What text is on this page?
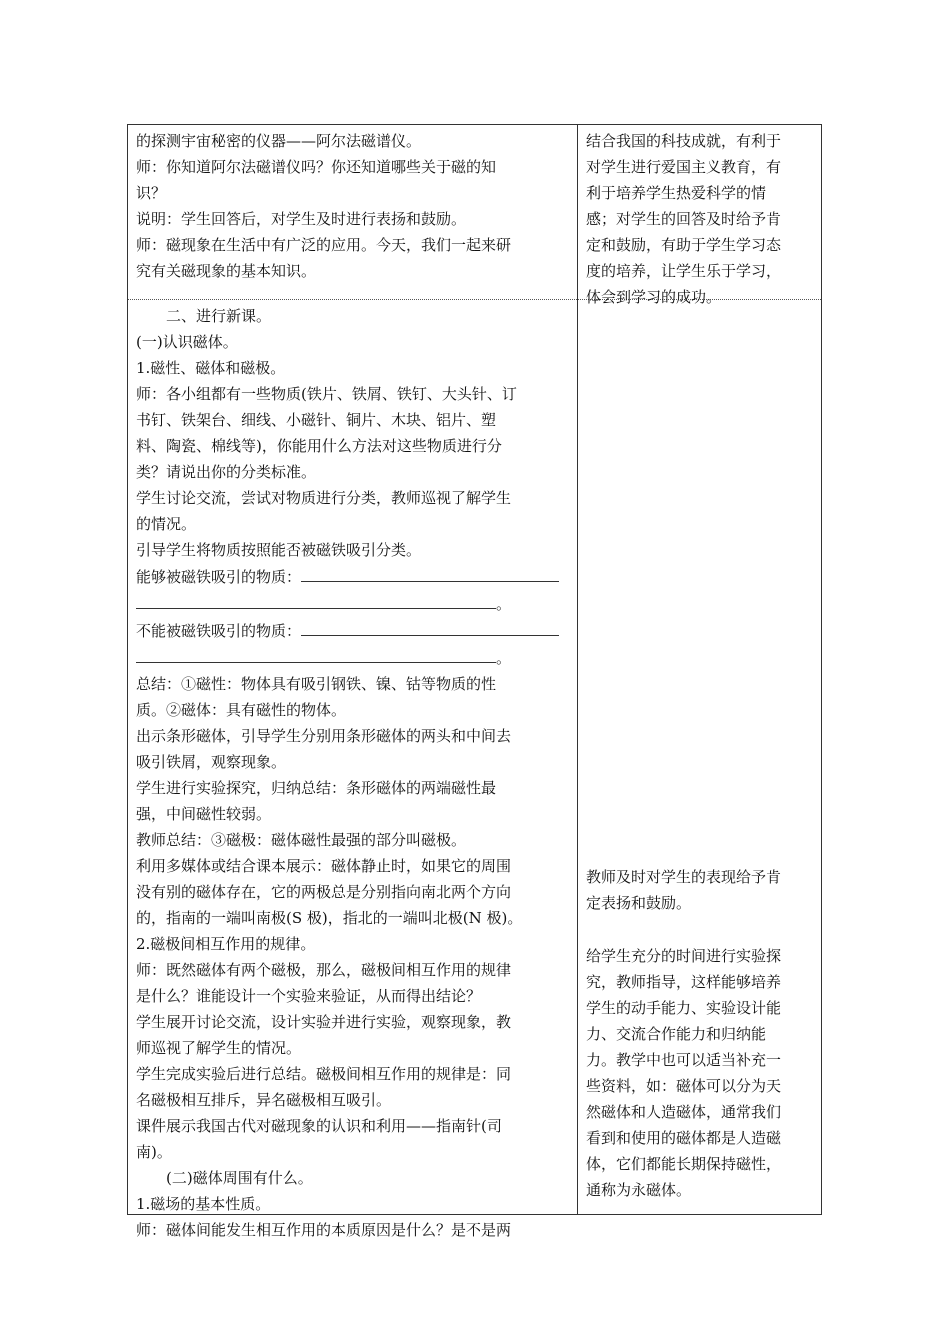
的探测宇宙秘密的仪器——阿尔法磁谱仪。

师：你知道阿尔法磁谱仪吗？你还知道哪些关于磁的知

识？

说明：学生回答后，对学生及时进行表扬和鼓励。

师：磁现象在生活中有广泛的应用。今天，我们一起来研

究有关磁现象的基本知识。

结合我国的科技成就，有利于

对学生进行爱国主义教育，有

利于培养学生热爱科学的情

感；对学生的回答及时给予肯

定和鼓励，有助于学生学习态

度的培养，让学生乐于学习，

体会到学习的成功。

　　二、进行新课。

(一)认识磁体。

1.磁性、磁体和磁极。

师：各小组都有一些物质(铁片、铁屑、铁钉、大头针、订

书钉、铁架台、细线、小磁针、铜片、木块、铝片、塑

料、陶瓷、棉线等)，你能用什么方法对这些物质进行分

类？请说出你的分类标准。

学生讨论交流，尝试对物质进行分类，教师巡视了解学生

的情况。

引导学生将物质按照能否被磁铁吸引分类。

能够被磁铁吸引的物质：

。

不能被磁铁吸引的物质：

。

总结：①磁性：物体具有吸引钢铁、镍、钴等物质的性

质。②磁体：具有磁性的物体。

出示条形磁体，引导学生分别用条形磁体的两头和中间去

吸引铁屑，观察现象。

学生进行实验探究，归纳总结：条形磁体的两端磁性最

强，中间磁性较弱。

教师总结：③磁极：磁体磁性最强的部分叫磁极。

利用多媒体或结合课本展示：磁体静止时，如果它的周围

没有别的磁体存在，它的两极总是分别指向南北两个方向

的，指南的一端叫南极(S 极)，指北的一端叫北极(N 极)。

2.磁极间相互作用的规律。

师：既然磁体有两个磁极，那么，磁极间相互作用的规律

是什么？谁能设计一个实验来验证，从而得出结论？

学生展开讨论交流，设计实验并进行实验，观察现象，教

师巡视了解学生的情况。

学生完成实验后进行总结。磁极间相互作用的规律是：同

名磁极相互排斥，异名磁极相互吸引。

课件展示我国古代对磁现象的认识和利用——指南针(司

南)。

　　(二)磁体周围有什么。

1.磁场的基本性质。

师：磁体间能发生相互作用的本质原因是什么？是不是两

教师及时对学生的表现给予肯

定表扬和鼓励。

给学生充分的时间进行实验探

究，教师指导，这样能够培养

学生的动手能力、实验设计能

力、交流合作能力和归纳能

力。教学中也可以适当补充一

些资料，如：磁体可以分为天

然磁体和人造磁体，通常我们

看到和使用的磁体都是人造磁

体，它们都能长期保持磁性，

通称为永磁体。
